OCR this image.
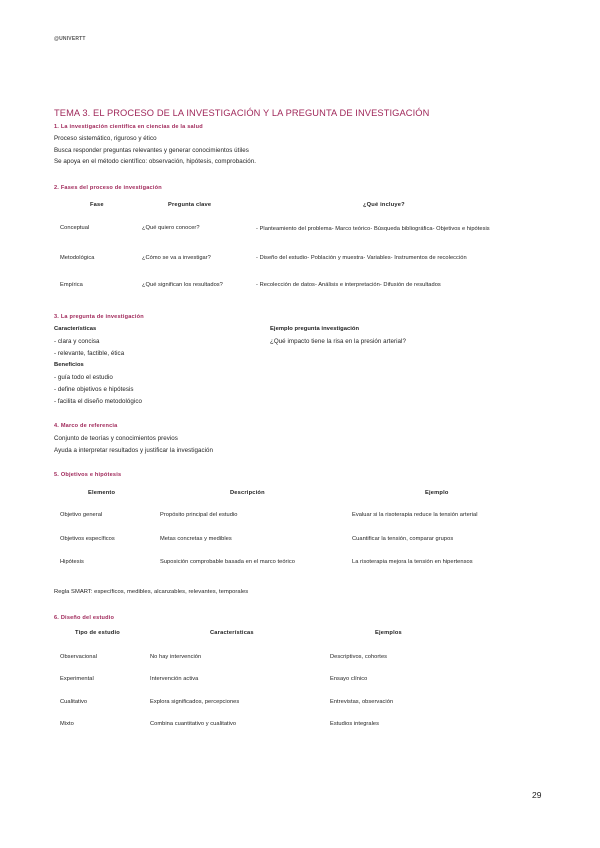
@UNIVERTT
TEMA 3. EL PROCESO DE LA INVESTIGACIÓN Y LA PREGUNTA DE INVESTIGACIÓN
1. La investigación científica en ciencias de la salud
Proceso sistemático, riguroso y ético
Busca responder preguntas relevantes y generar conocimientos útiles
Se apoya en el método científico: observación, hipótesis, comprobación.
2. Fases del proceso de investigación
Fase	Pregunta clave	¿Qué incluye?
Conceptual	¿Qué quiero conocer?	- Planteamiento del problema- Marco teórico- Búsqueda bibliográfica- Objetivos e hipótesis
Metodológica	¿Cómo se va a investigar?	- Diseño del estudio- Población y muestra- Variables- Instrumentos de recolección
Empírica	¿Qué significan los resultados?	- Recolección de datos- Análisis e interpretación- Difusión de resultados
3. La pregunta de investigación
Características
- clara y concisa
- relevante, factible, ética
Beneficios
- guía todo el estudio
- define objetivos e hipótesis
- facilita el diseño metodológico
Ejemplo pregunta investigación
¿Qué impacto tiene la risa en la presión arterial?
4. Marco de referencia
Conjunto de teorías y conocimientos previos
Ayuda a interpretar resultados y justificar la investigación
5. Objetivos e hipótesis
Elemento	Descripción	Ejemplo
Objetivo general	Propósito principal del estudio	Evaluar si la risoterapia reduce la tensión arterial
Objetivos específicos	Metas concretas y medibles	Cuantificar la tensión, comparar grupos
Hipótesis	Suposición comprobable basada en el marco teórico	La risoterapia mejora la tensión en hipertensos
Regla SMART: específicos, medibles, alcanzables, relevantes, temporales
6. Diseño del estudio
Tipo de estudio	Características	Ejemplos
Observacional	No hay intervención	Descriptivos, cohortes
Experimental	Intervención activa	Ensayo clínico
Cualitativo	Explora significados, percepciones	Entrevistas, observación
Mixto	Combina cuantitativo y cualitativo	Estudios integrales
29
